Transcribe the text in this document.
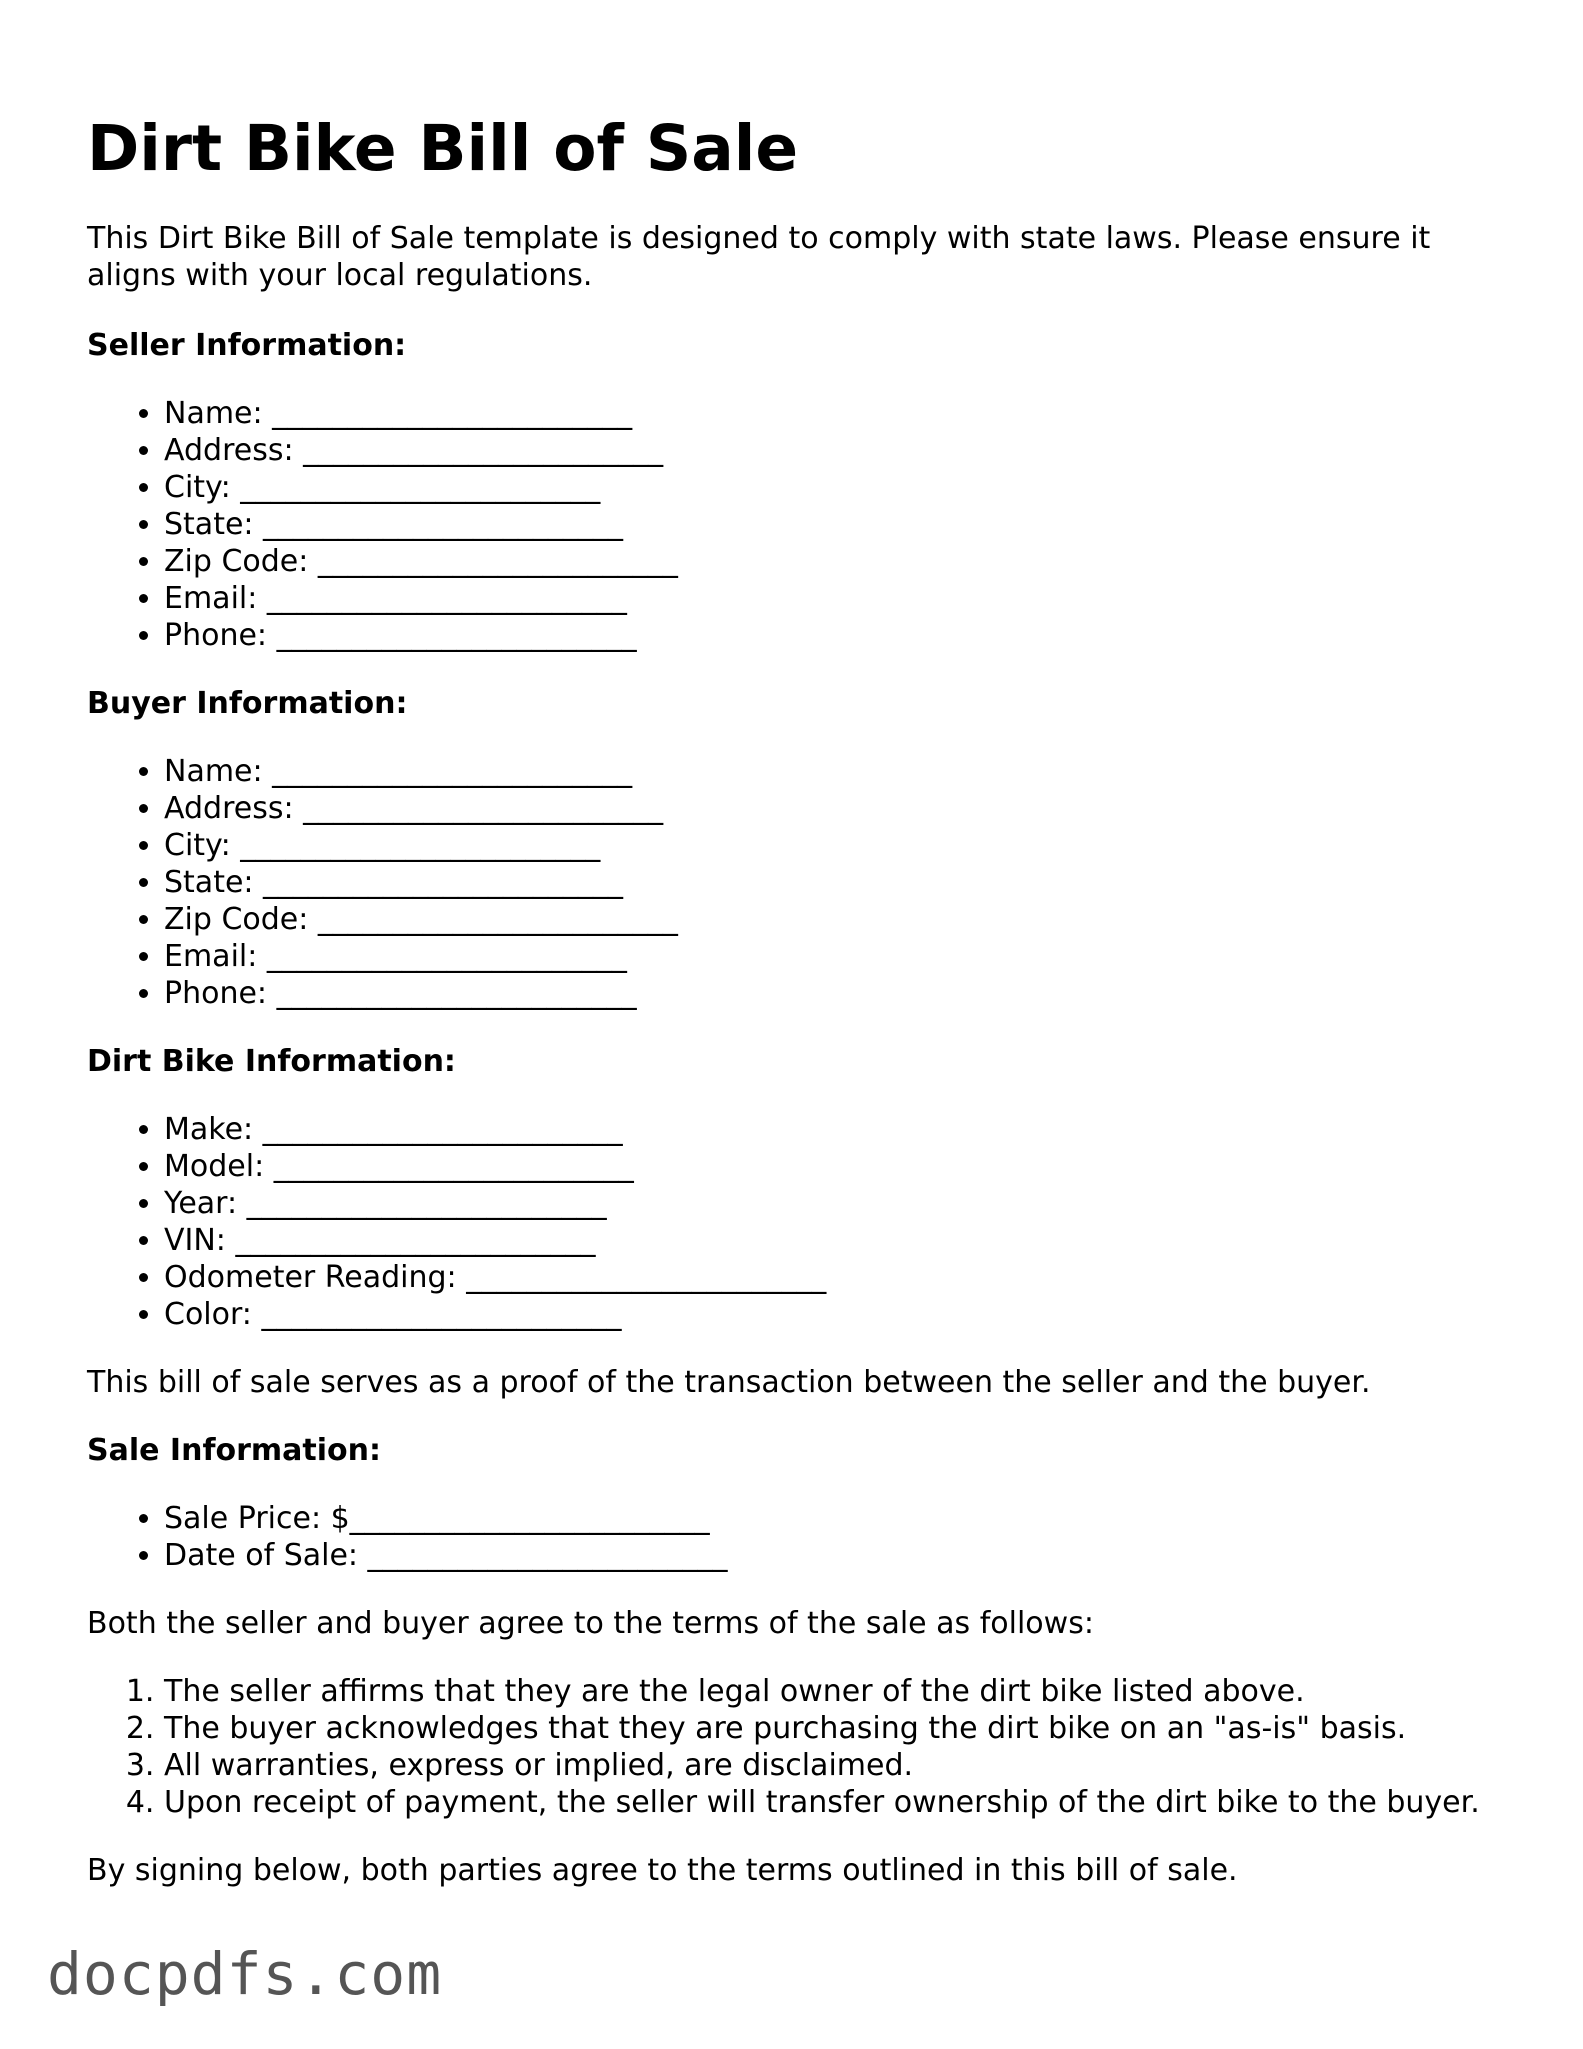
Dirt Bike Bill of Sale

This Dirt Bike Bill of Sale template is designed to comply with state laws. Please ensure it aligns with your local regulations.

Seller Information:
• Name: ________________________
• Address: ________________________
• City: ________________________
• State: ________________________
• Zip Code: ________________________
• Email: ________________________
• Phone: ________________________
Buyer Information:
• Name: ________________________
• Address: ________________________
• City: ________________________
• State: ________________________
• Zip Code: ________________________
• Email: ________________________
• Phone: ________________________
Dirt Bike Information:
• Make: ________________________
• Model: ________________________
• Year: ________________________
• VIN: ________________________
• Odometer Reading: ________________________
• Color: ________________________

This bill of sale serves as a proof of the transaction between the seller and the buyer.

Sale Information:
• Sale Price: $________________________
• Date of Sale: ________________________

Both the seller and buyer agree to the terms of the sale as follows:

1. The seller affirms that they are the legal owner of the dirt bike listed above.
2. The buyer acknowledges that they are purchasing the dirt bike on an "as-is" basis.
3. All warranties, express or implied, are disclaimed.
4. Upon receipt of payment, the seller will transfer ownership of the dirt bike to the buyer.

By signing below, both parties agree to the terms outlined in this bill of sale.

docpdfs.com
